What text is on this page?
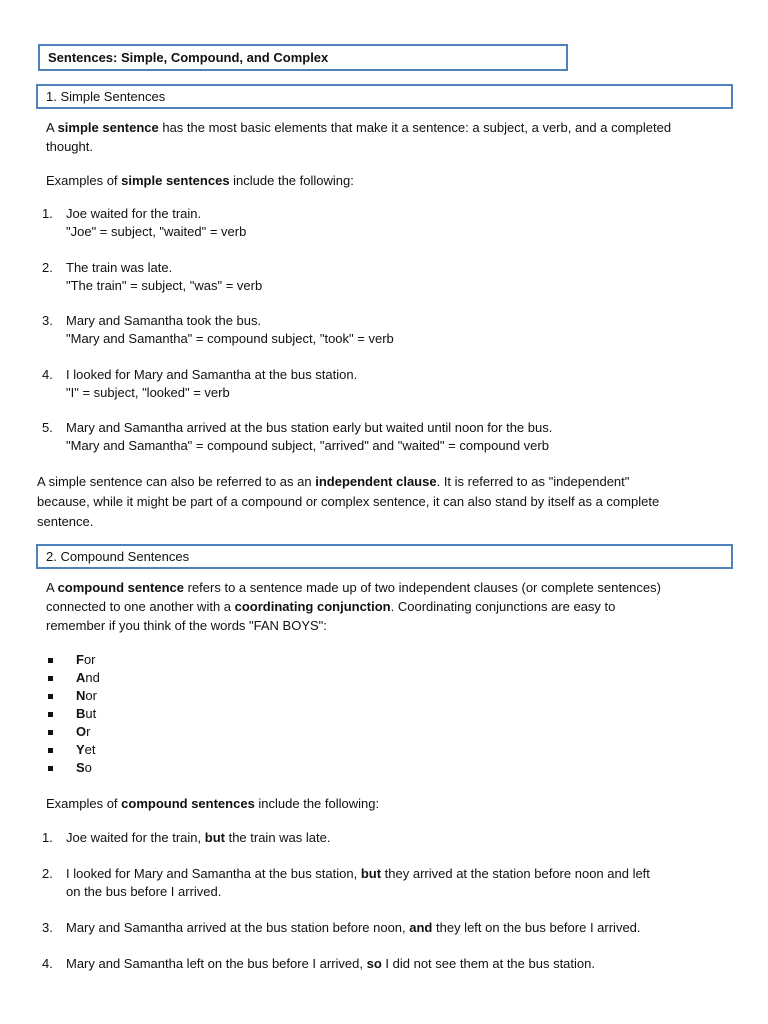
Sentences: Simple, Compound, and Complex
1. Simple Sentences
A simple sentence has the most basic elements that make it a sentence: a subject, a verb, and a completed
thought.
Examples of simple sentences include the following:
1.	Joe waited for the train.
"Joe" = subject, "waited" = verb
2.	The train was late.
"The train" = subject, "was" = verb
3.	Mary and Samantha took the bus.
"Mary and Samantha" = compound subject, "took" = verb
4.	I looked for Mary and Samantha at the bus station.
"I" = subject, "looked" = verb
5.	Mary and Samantha arrived at the bus station early but waited until noon for the bus.
"Mary and Samantha" = compound subject, "arrived" and "waited" = compound verb
A simple sentence can also be referred to as an independent clause. It is referred to as "independent"
because, while it might be part of a compound or complex sentence, it can also stand by itself as a complete
sentence.
2. Compound Sentences
A compound sentence refers to a sentence made up of two independent clauses (or complete sentences)
connected to one another with a coordinating conjunction. Coordinating conjunctions are easy to
remember if you think of the words "FAN BOYS":
For
And
Nor
But
Or
Yet
So
Examples of compound sentences include the following:
1.	Joe waited for the train, but the train was late.
2.	I looked for Mary and Samantha at the bus station, but they arrived at the station before noon and left
on the bus before I arrived.
3.	Mary and Samantha arrived at the bus station before noon, and they left on the bus before I arrived.
4.	Mary and Samantha left on the bus before I arrived, so I did not see them at the bus station.
